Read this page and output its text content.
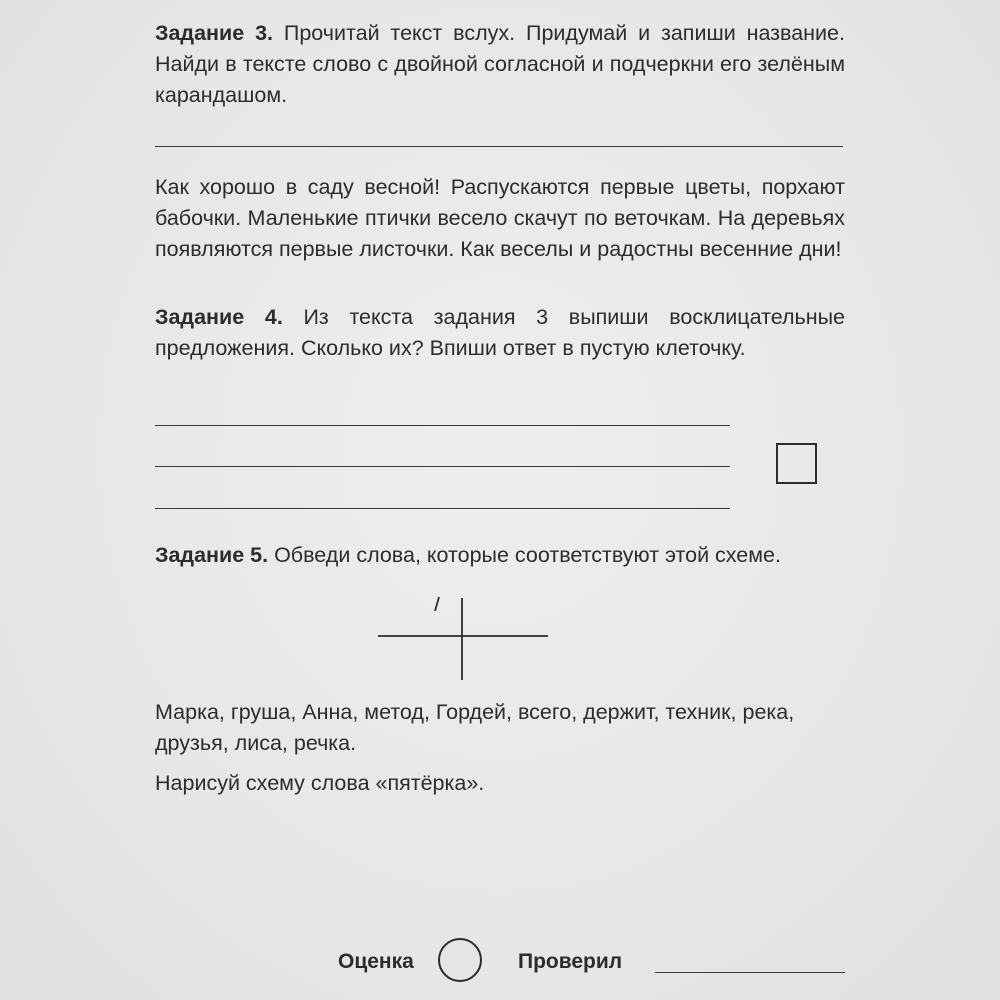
Задание 3. Прочитай текст вслух. Придумай и запиши название. Найди в тексте слово с двойной согласной и подчеркни его зелёным карандашом.

Как хорошо в саду весной! Распускаются первые цветы, порхают бабочки. Маленькие птички весело скачут по веточкам. На деревьях появляются первые листочки. Как веселы и радостны весенние дни!

Задание 4. Из текста задания 3 выпиши восклицательные предложения. Сколько их? Впиши ответ в пустую клеточку.

Задание 5. Обведи слова, которые соответствуют этой схеме.

Марка, груша, Анна, метод, Гордей, всего, держит, техник, река, друзья, лиса, речка.

Нарисуй схему слова «пятёрка».

Оценка	Проверил
